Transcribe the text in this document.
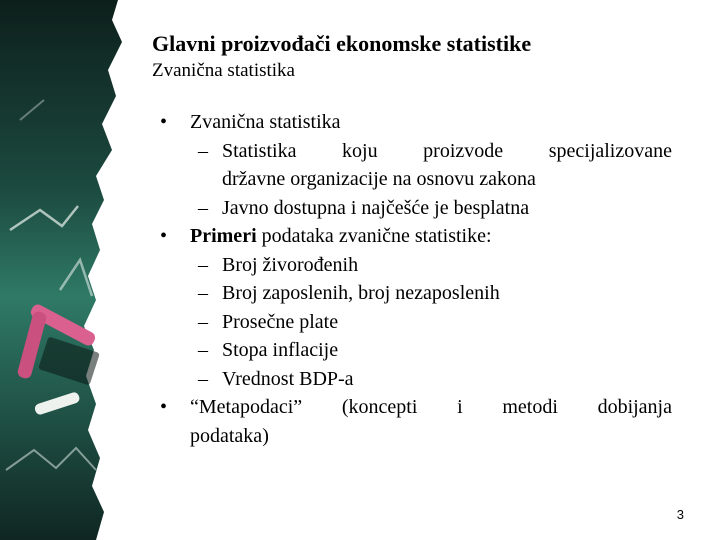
Glavni proizvođači ekonomske statistike

Zvanična statistika

• Zvanična statistika
– Statistika koju proizvode specijalizovane
državne organizacije na osnovu zakona
– Javno dostupna i najčešće je besplatna
• Primeri podataka zvanične statistike:
– Broj živorođenih
– Broj zaposlenih, broj nezaposlenih
– Prosečne plate
– Stopa inflacije
– Vrednost BDP-a
• “Metapodaci” (koncepti i metodi dobijanja
podataka)
3
